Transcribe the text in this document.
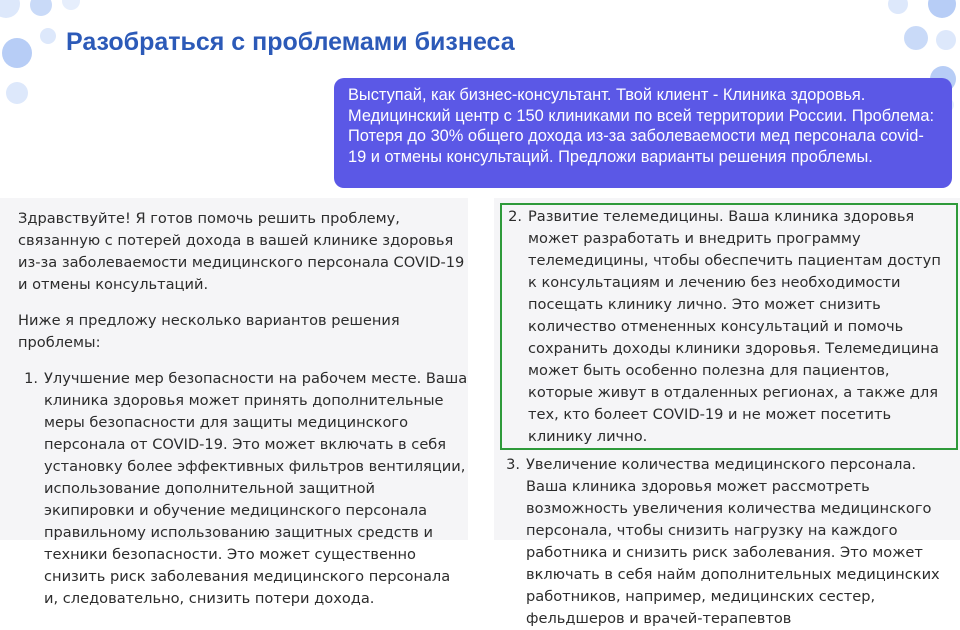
Разобраться с проблемами бизнеса

Выступай, как бизнес-консультант. Твой клиент - Клиника здоровья. Медицинский центр с 150 клиниками по всей территории России. Проблема: Потеря до 30% общего дохода из-за заболеваемости мед персонала covid-19 и отмены консультаций. Предложи варианты решения проблемы.

Здравствуйте! Я готов помочь решить проблему, связанную с потерей дохода в вашей клинике здоровья из-за заболеваемости медицинского персонала COVID-19 и отмены консультаций.

Ниже я предложу несколько вариантов решения проблемы:

1. Улучшение мер безопасности на рабочем месте. Ваша клиника здоровья может принять дополнительные меры безопасности для защиты медицинского персонала от COVID-19. Это может включать в себя установку более эффективных фильтров вентиляции, использование дополнительной защитной экипировки и обучение медицинского персонала правильному использованию защитных средств и техники безопасности. Это может существенно снизить риск заболевания медицинского персонала и, следовательно, снизить потери дохода.
2. Развитие телемедицины. Ваша клиника здоровья может разработать и внедрить программу телемедицины, чтобы обеспечить пациентам доступ к консультациям и лечению без необходимости посещать клинику лично. Это может снизить количество отмененных консультаций и помочь сохранить доходы клиники здоровья. Телемедицина может быть особенно полезна для пациентов, которые живут в отдаленных регионах, а также для тех, кто болеет COVID-19 и не может посетить клинику лично.
3. Увеличение количества медицинского персонала. Ваша клиника здоровья может рассмотреть возможность увеличения количества медицинского персонала, чтобы снизить нагрузку на каждого работника и снизить риск заболевания. Это может включать в себя найм дополнительных медицинских работников, например, медицинских сестер, фельдшеров и врачей-терапевтов
